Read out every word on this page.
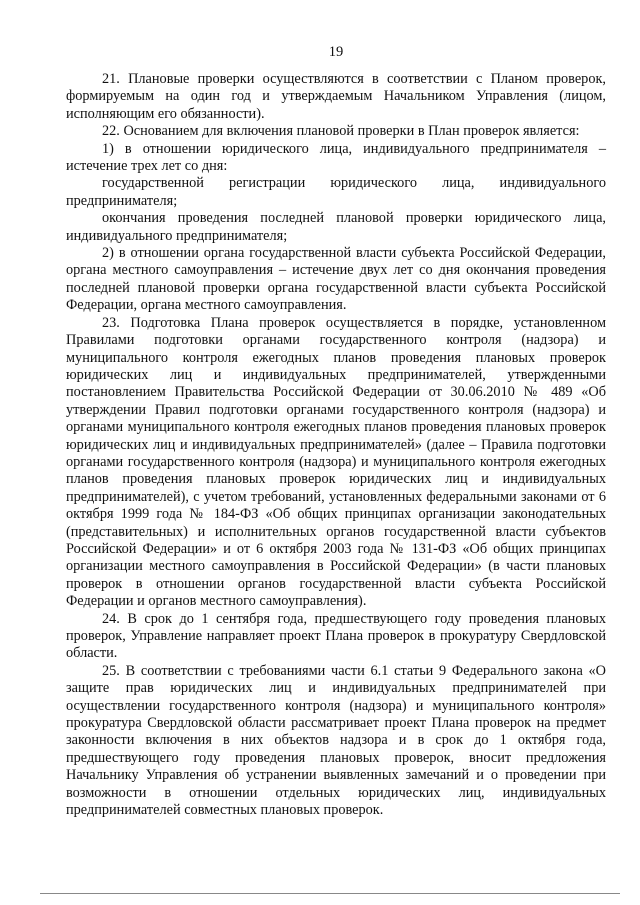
19

21. Плановые проверки осуществляются в соответствии с Планом проверок, формируемым на один год и утверждаемым Начальником Управления (лицом, исполняющим его обязанности).

22. Основанием для включения плановой проверки в План проверок является:

1) в отношении юридического лица, индивидуального предпринимателя – истечение трех лет со дня:

государственной регистрации юридического лица, индивидуального предпринимателя;

окончания проведения последней плановой проверки юридического лица, индивидуального предпринимателя;

2) в отношении органа государственной власти субъекта Российской Федерации, органа местного самоуправления – истечение двух лет со дня окончания проведения последней плановой проверки органа государственной власти субъекта Российской Федерации, органа местного самоуправления.

23. Подготовка Плана проверок осуществляется в порядке, установленном Правилами подготовки органами государственного контроля (надзора) и муниципального контроля ежегодных планов проведения плановых проверок юридических лиц и индивидуальных предпринимателей, утвержденными постановлением Правительства Российской Федерации от 30.06.2010 № 489 «Об утверждении Правил подготовки органами государственного контроля (надзора) и органами муниципального контроля ежегодных планов проведения плановых проверок юридических лиц и индивидуальных предпринимателей» (далее – Правила подготовки органами государственного контроля (надзора) и муниципального контроля ежегодных планов проведения плановых проверок юридических лиц и индивидуальных предпринимателей), с учетом требований, установленных федеральными законами от 6 октября 1999 года № 184-ФЗ «Об общих принципах организации законодательных (представительных) и исполнительных органов государственной власти субъектов Российской Федерации» и от 6 октября 2003 года № 131-ФЗ «Об общих принципах организации местного самоуправления в Российской Федерации» (в части плановых проверок в отношении органов государственной власти субъекта Российской Федерации и органов местного самоуправления).

24. В срок до 1 сентября года, предшествующего году проведения плановых проверок, Управление направляет проект Плана проверок в прокуратуру Свердловской области.

25. В соответствии с требованиями части 6.1 статьи 9 Федерального закона «О защите прав юридических лиц и индивидуальных предпринимателей при осуществлении государственного контроля (надзора) и муниципального контроля» прокуратура Свердловской области рассматривает проект Плана проверок на предмет законности включения в них объектов надзора и в срок до 1 октября года, предшествующего году проведения плановых проверок, вносит предложения Начальнику Управления об устранении выявленных замечаний и о проведении при возможности в отношении отдельных юридических лиц, индивидуальных предпринимателей совместных плановых проверок.
